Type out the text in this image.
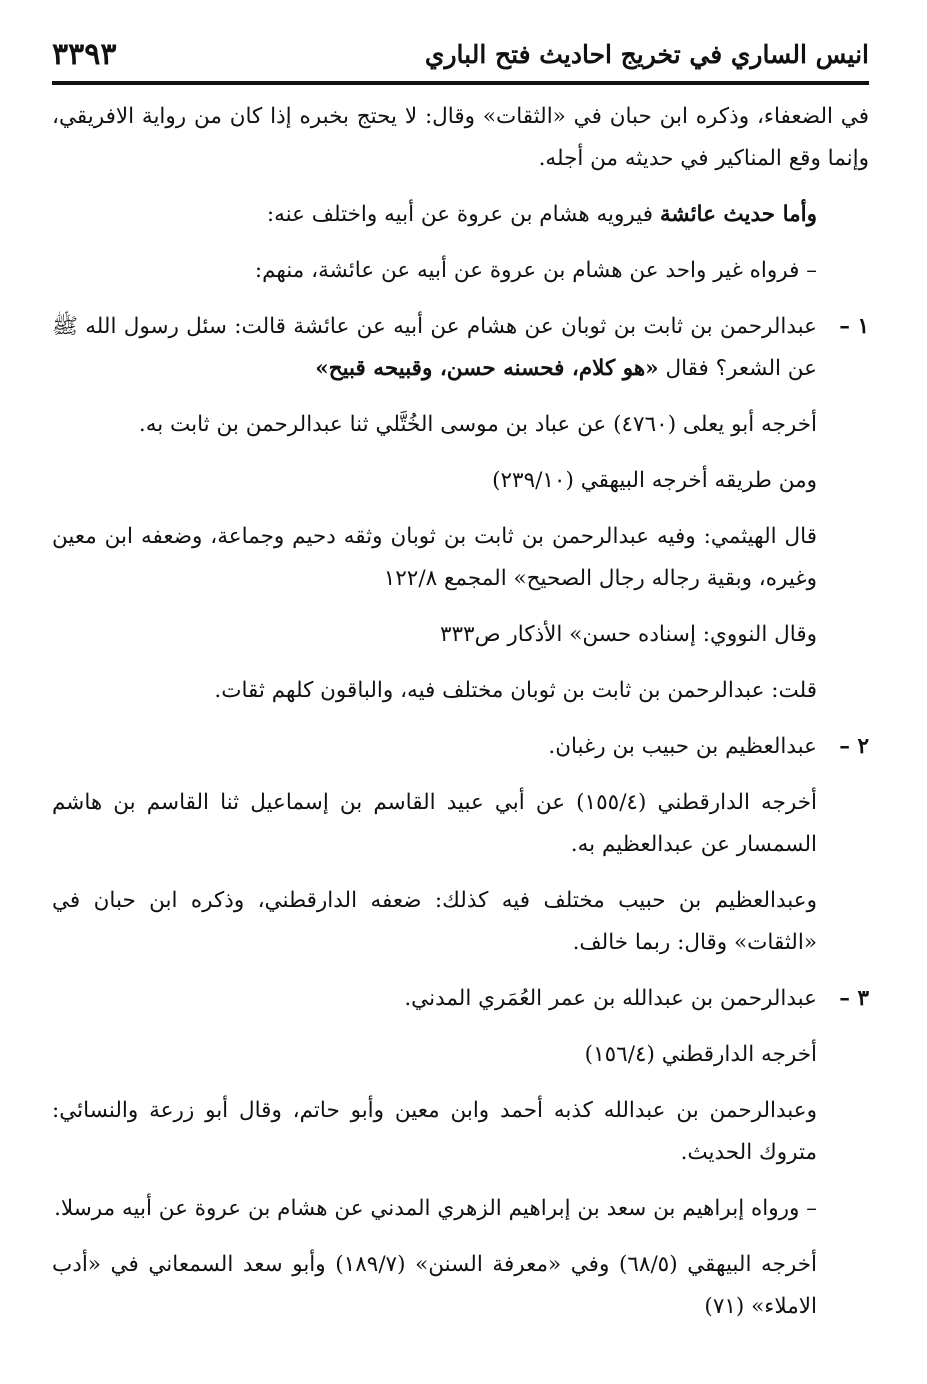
انيس الساري في تخريج احاديث فتح الباري
٣٣٩٣

في الضعفاء، وذكره ابن حبان في «الثقات» وقال: لا يحتج بخبره إذا كان من رواية الافريقي، وإنما وقع المناكير في حديثه من أجله.

وأما حديث عائشة فيرويه هشام بن عروة عن أبيه واختلف عنه:

– فرواه غير واحد عن هشام بن عروة عن أبيه عن عائشة، منهم:

١ –
عبدالرحمن بن ثابت بن ثوبان عن هشام عن أبيه عن عائشة قالت: سئل رسول الله ﷺ عن الشعر؟ فقال «هو كلام، فحسنه حسن، وقبيحه قبيح»

أخرجه أبو يعلى (٤٧٦٠) عن عباد بن موسى الخُتَّلي ثنا عبدالرحمن بن ثابت به.

ومن طريقه أخرجه البيهقي (٢٣٩/١٠)

قال الهيثمي: وفيه عبدالرحمن بن ثابت بن ثوبان وثقه دحيم وجماعة، وضعفه ابن معين وغيره، وبقية رجاله رجال الصحيح» المجمع ١٢٢/٨

وقال النووي: إسناده حسن» الأذكار ص٣٣٣

قلت: عبدالرحمن بن ثابت بن ثوبان مختلف فيه، والباقون كلهم ثقات.

٢ –
عبدالعظيم بن حبيب بن رغبان.

أخرجه الدارقطني (١٥٥/٤) عن أبي عبيد القاسم بن إسماعيل ثنا القاسم بن هاشم السمسار عن عبدالعظيم به.

وعبدالعظيم بن حبيب مختلف فيه كذلك: ضعفه الدارقطني، وذكره ابن حبان في «الثقات» وقال: ربما خالف.

٣ –
عبدالرحمن بن عبدالله بن عمر العُمَري المدني.

أخرجه الدارقطني (١٥٦/٤)

وعبدالرحمن بن عبدالله كذبه أحمد وابن معين وأبو حاتم، وقال أبو زرعة والنسائي: متروك الحديث.

– ورواه إبراهيم بن سعد بن إبراهيم الزهري المدني عن هشام بن عروة عن أبيه مرسلا.

أخرجه البيهقي (٦٨/٥) وفي «معرفة السنن» (١٨٩/٧) وأبو سعد السمعاني في «أدب الاملاء» (٧١)
